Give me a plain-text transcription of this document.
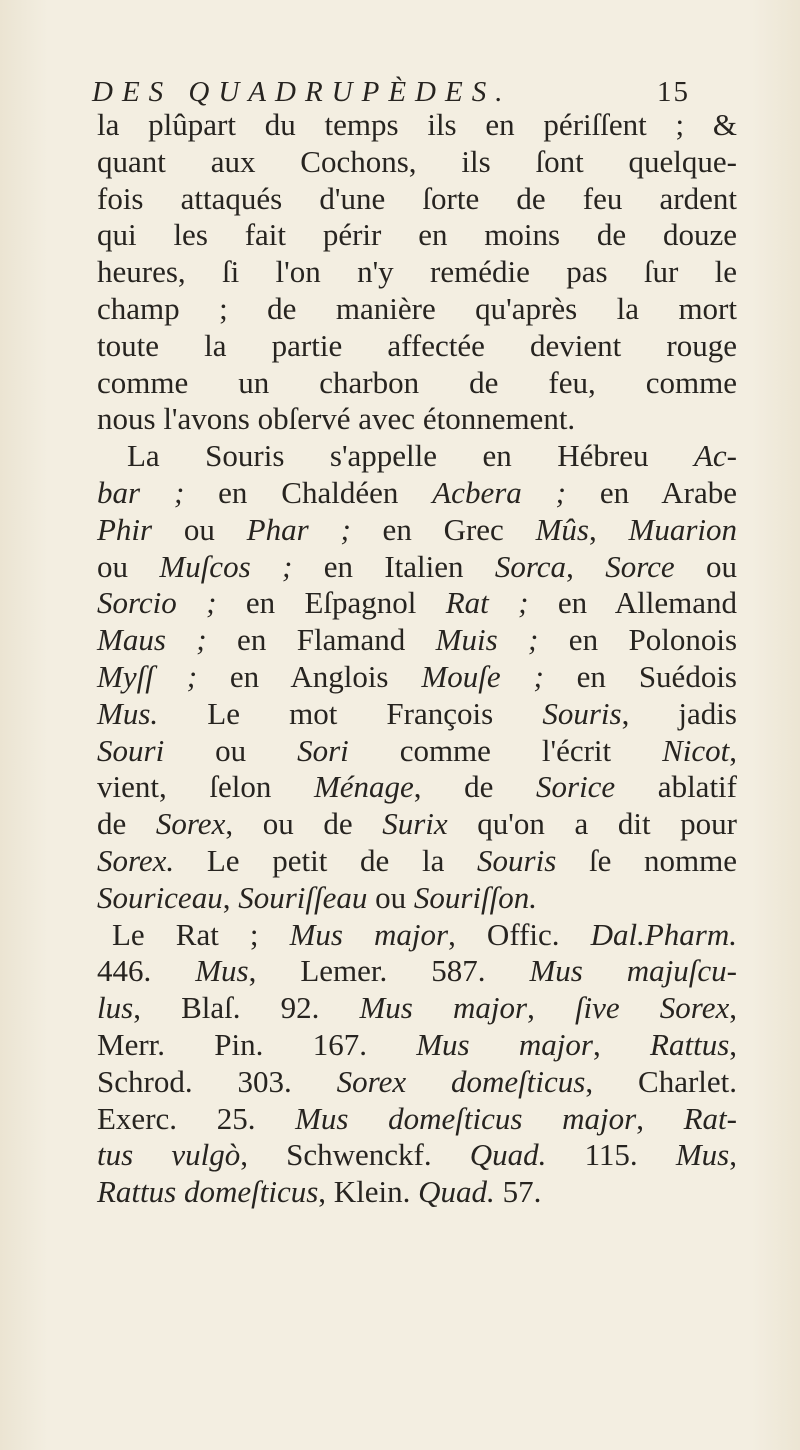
DES QUADRUPÈDES.	15
la plûpart du temps ils en périſſent ; &
quant aux Cochons, ils ſont quelque-
fois attaqués d'une ſorte de feu ardent
qui les fait périr en moins de douze
heures, ſi l'on n'y remédie pas ſur le
champ ; de manière qu'après la mort
toute la partie affectée devient rouge
comme un charbon de feu, comme
nous l'avons obſervé avec étonnement.
La Souris s'appelle en Hébreu Ac-
bar ; en Chaldéen Acbera ; en Arabe
Phir ou Phar ; en Grec Mûs, Muarion
ou Muſcos ; en Italien Sorca, Sorce ou
Sorcio ; en Eſpagnol Rat ; en Allemand
Maus ; en Flamand Muis ; en Polonois
Myſſ ; en Anglois Mouſe ; en Suédois
Mus. Le mot François Souris, jadis
Souri ou Sori comme l'écrit Nicot,
vient, ſelon Ménage, de Sorice ablatif
de Sorex, ou de Surix qu'on a dit pour
Sorex. Le petit de la Souris ſe nomme
Souriceau, Souriſſeau ou Souriſſon.
Le Rat ; Mus major, Offic. Dal.Pharm.
446. Mus, Lemer. 587. Mus majuſcu-
lus, Blaſ. 92. Mus major, ſive Sorex,
Merr. Pin. 167. Mus major, Rattus,
Schrod. 303. Sorex domeſticus, Charlet.
Exerc. 25. Mus domeſticus major, Rat-
tus vulgò, Schwenckf. Quad. 115. Mus,
Rattus domeſticus, Klein. Quad. 57.
